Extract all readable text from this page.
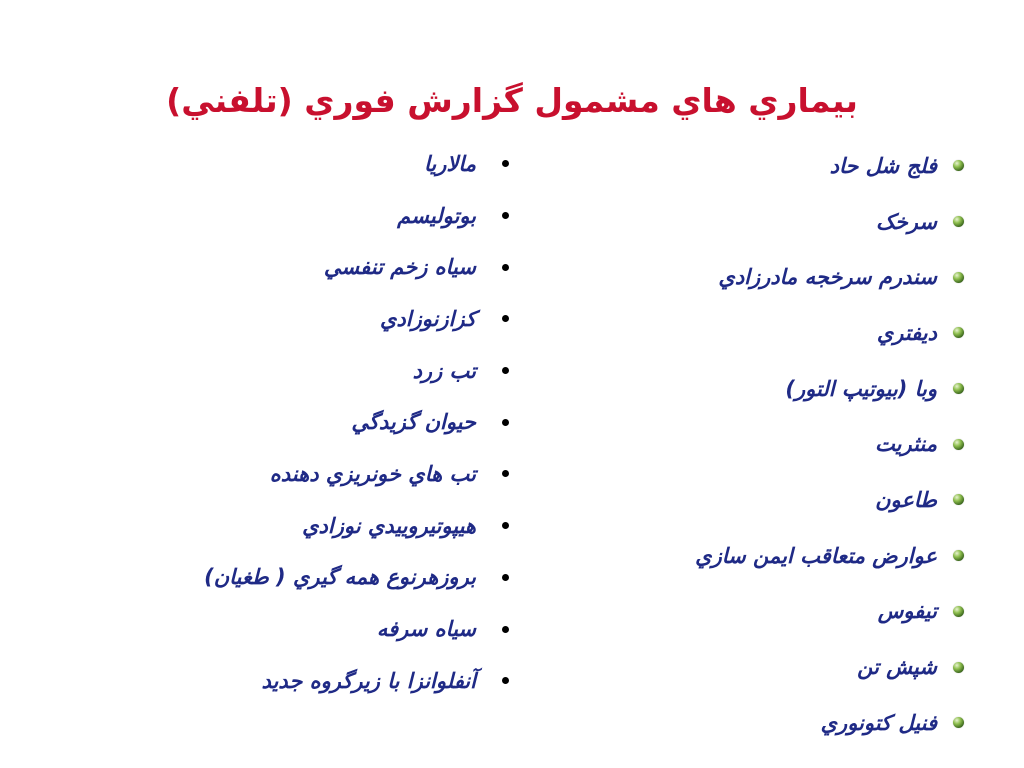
بيماري هاي مشمول گزارش فوري (تلفني)
فلج شل حاد
سرخک
سندرم سرخجه مادرزادي
ديفتري
وبا (بيوتيپ التور)
منثريت
طاعون
عوارض متعاقب ايمن سازي
تيفوس
شپش تن
فنيل کتونوري
مالاريا
بوتوليسم
سياه زخم تنفسي
کزازنوزادي
تب زرد
حيوان گزيدگي
تب هاي خونريزي دهنده
هيپوتيروييدي نوزادي
بروزهرنوع همه گيري ( طغيان)
سياه سرفه
آنفلوانزا با زيرگروه جديد
